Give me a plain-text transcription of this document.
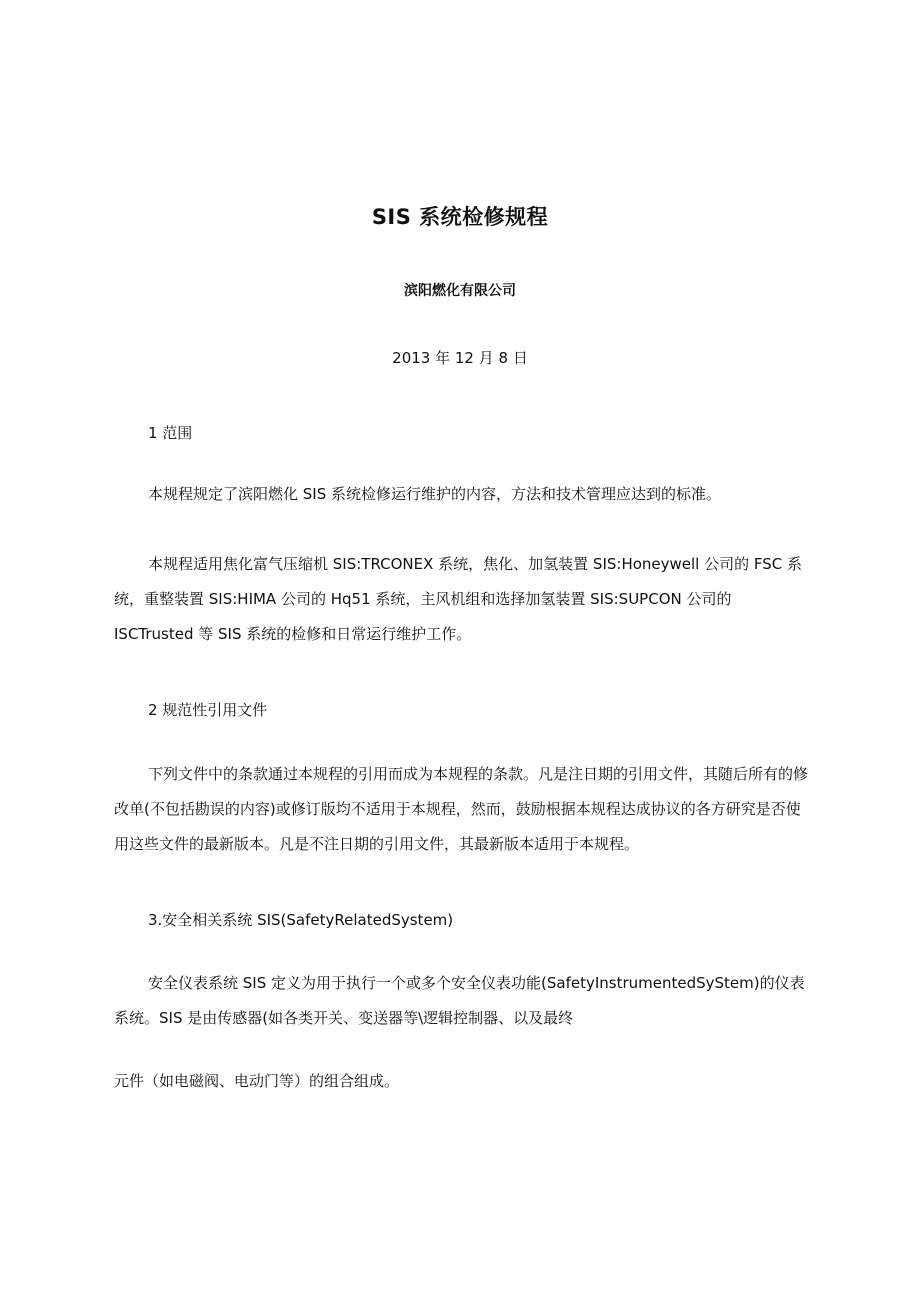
SIS 系统检修规程
滨阳燃化有限公司
2013 年 12 月 8 日
1 范围

本规程规定了滨阳燃化 SIS 系统检修运行维护的内容，方法和技术管理应达到的标准。

本规程适用焦化富气压缩机 SIS:TRCONEX 系统，焦化、加氢装置 SIS:Honeywell 公司的 FSC 系统，重整装置 SIS:HIMA 公司的 Hq51 系统，主风机组和选择加氢装置 SIS:SUPCON 公司的 ISCTrusted 等 SIS 系统的检修和日常运行维护工作。

2 规范性引用文件

下列文件中的条款通过本规程的引用而成为本规程的条款。凡是注日期的引用文件，其随后所有的修改单(不包括勘误的内容)或修订版均不适用于本规程，然而，鼓励根据本规程达成协议的各方研究是否使用这些文件的最新版本。凡是不注日期的引用文件，其最新版本适用于本规程。

3.安全相关系统 SIS(SafetyRelatedSystem)

安全仪表系统 SIS 定义为用于执行一个或多个安全仪表功能(SafetyInstrumentedSyStem)的仪表系统。SIS 是由传感器(如各类开关、变送器等\逻辑控制器、以及最终

元件（如电磁阀、电动门等）的组合组成。
